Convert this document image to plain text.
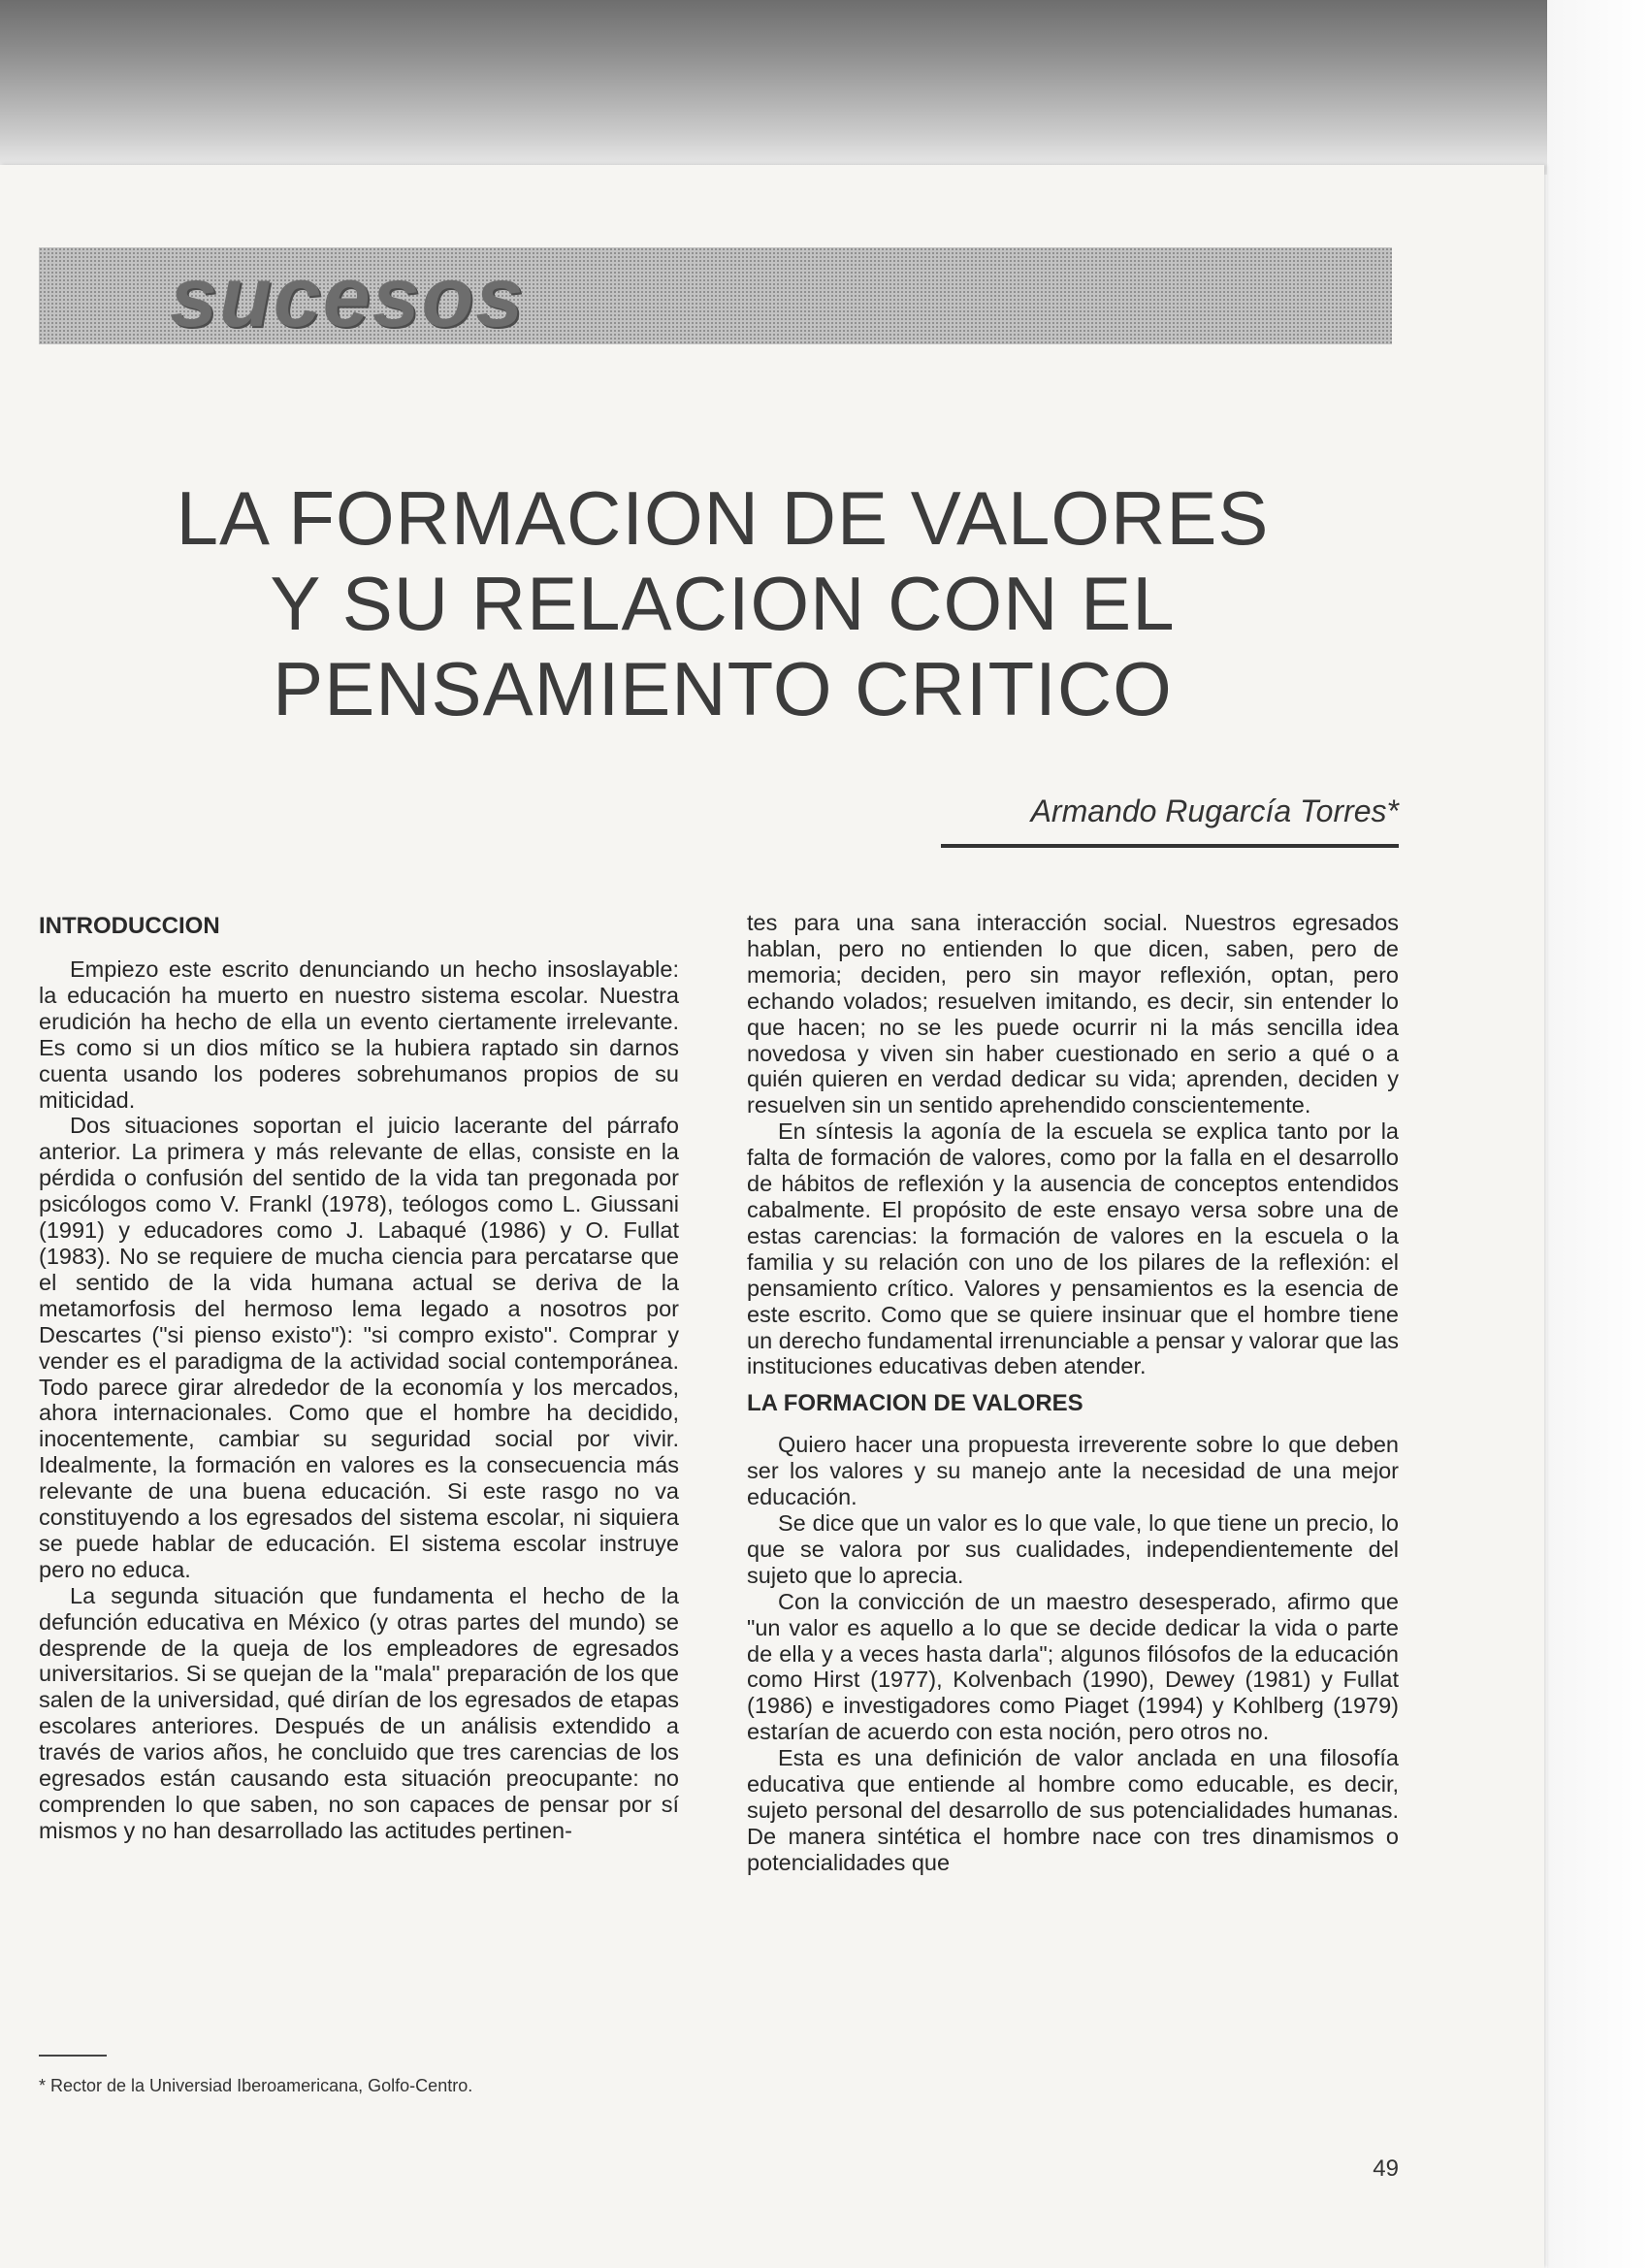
sucesos
LA FORMACION DE VALORES
Y SU RELACION CON EL
PENSAMIENTO CRITICO
Armando Rugarcía Torres*
INTRODUCCION

Empiezo este escrito denunciando un hecho insoslayable: la educación ha muerto en nuestro sistema escolar. Nuestra erudición ha hecho de ella un evento ciertamente irrelevante. Es como si un dios mítico se la hubiera raptado sin darnos cuenta usando los poderes sobrehumanos propios de su miticidad.

Dos situaciones soportan el juicio lacerante del párrafo anterior. La primera y más relevante de ellas, consiste en la pérdida o confusión del sentido de la vida tan pregonada por psicólogos como V. Frankl (1978), teólogos como L. Giussani (1991) y educadores como J. Labaqué (1986) y O. Fullat (1983). No se requiere de mucha ciencia para percatarse que el sentido de la vida humana actual se deriva de la metamorfosis del hermoso lema legado a nosotros por Descartes ("si pienso existo"): "si compro existo". Comprar y vender es el paradigma de la actividad social contemporánea. Todo parece girar alrededor de la economía y los mercados, ahora internacionales. Como que el hombre ha decidido, inocentemente, cambiar su seguridad social por vivir. Idealmente, la formación en valores es la consecuencia más relevante de una buena educación. Si este rasgo no va constituyendo a los egresados del sistema escolar, ni siquiera se puede hablar de educación. El sistema escolar instruye pero no educa.

La segunda situación que fundamenta el hecho de la defunción educativa en México (y otras partes del mundo) se desprende de la queja de los empleadores de egresados universitarios. Si se quejan de la "mala" preparación de los que salen de la universidad, qué dirían de los egresados de etapas escolares anteriores. Después de un análisis extendido a través de varios años, he concluido que tres carencias de los egresados están causando esta situación preocupante: no comprenden lo que saben, no son capaces de pensar por sí mismos y no han desarrollado las actitudes pertinen-

tes para una sana interacción social. Nuestros egresados hablan, pero no entienden lo que dicen, saben, pero de memoria; deciden, pero sin mayor reflexión, optan, pero echando volados; resuelven imitando, es decir, sin entender lo que hacen; no se les puede ocurrir ni la más sencilla idea novedosa y viven sin haber cuestionado en serio a qué o a quién quieren en verdad dedicar su vida; aprenden, deciden y resuelven sin un sentido aprehendido conscientemente.

En síntesis la agonía de la escuela se explica tanto por la falta de formación de valores, como por la falla en el desarrollo de hábitos de reflexión y la ausencia de conceptos entendidos cabalmente. El propósito de este ensayo versa sobre una de estas carencias: la formación de valores en la escuela o la familia y su relación con uno de los pilares de la reflexión: el pensamiento crítico. Valores y pensamientos es la esencia de este escrito. Como que se quiere insinuar que el hombre tiene un derecho fundamental irrenunciable a pensar y valorar que las instituciones educativas deben atender.

LA FORMACION DE VALORES

Quiero hacer una propuesta irreverente sobre lo que deben ser los valores y su manejo ante la necesidad de una mejor educación.

Se dice que un valor es lo que vale, lo que tiene un precio, lo que se valora por sus cualidades, independientemente del sujeto que lo aprecia.

Con la convicción de un maestro desesperado, afirmo que "un valor es aquello a lo que se decide dedicar la vida o parte de ella y a veces hasta darla"; algunos filósofos de la educación como Hirst (1977), Kolvenbach (1990), Dewey (1981) y Fullat (1986) e investigadores como Piaget (1994) y Kohlberg (1979) estarían de acuerdo con esta noción, pero otros no.

Esta es una definición de valor anclada en una filosofía educativa que entiende al hombre como educable, es decir, sujeto personal del desarrollo de sus potencialidades humanas. De manera sintética el hombre nace con tres dinamismos o potencialidades que

* Rector de la Universiad Iberoamericana, Golfo-Centro.
49
